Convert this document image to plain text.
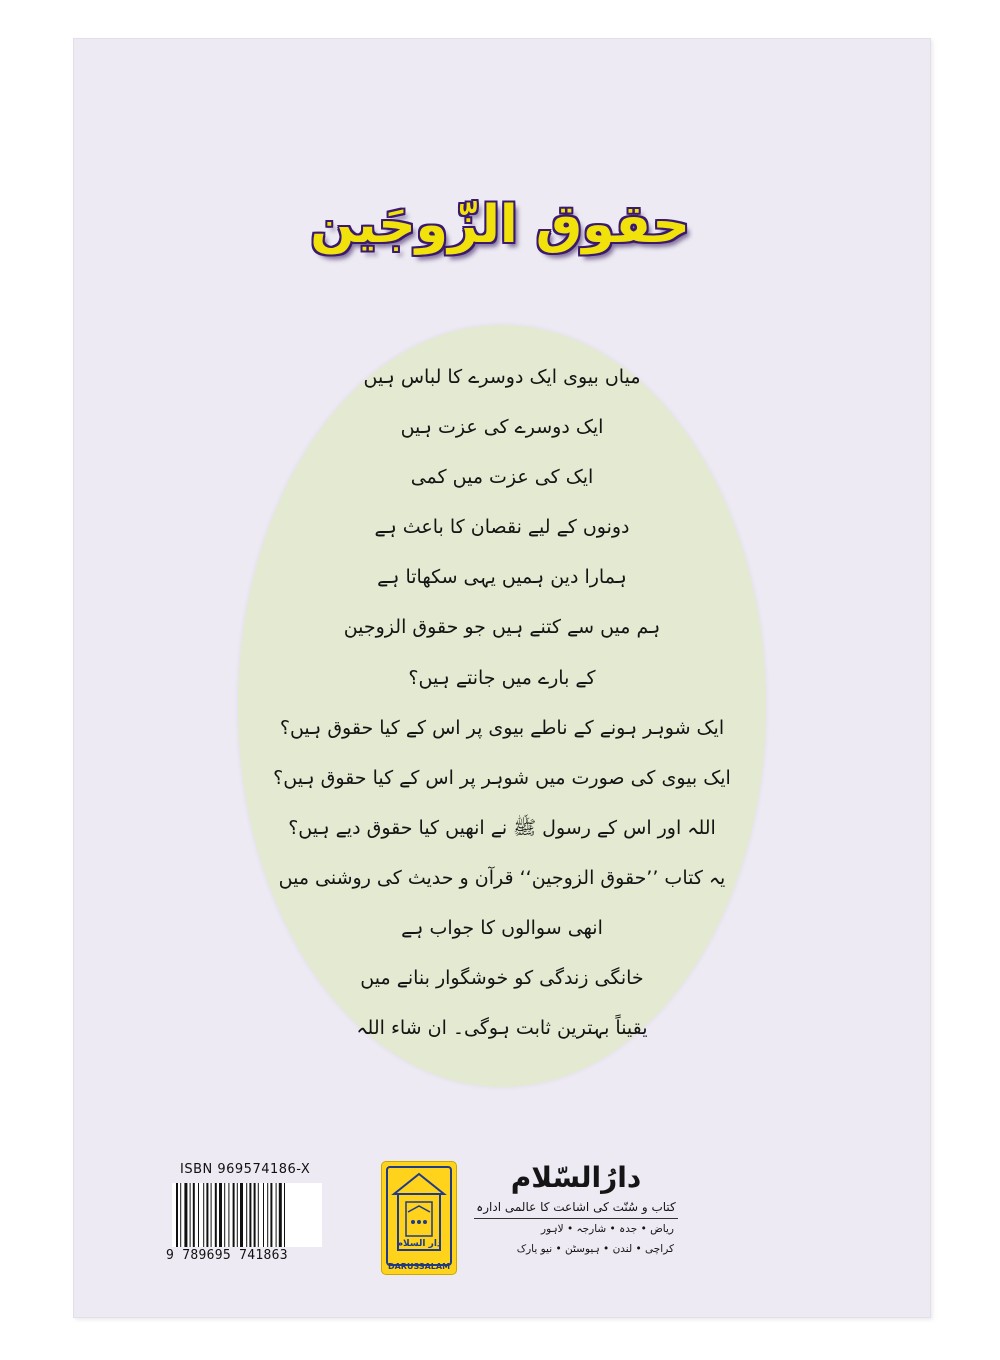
حقوق الزّوجَین
میاں بیوی ایک دوسرے کا لباس ہیں
ایک دوسرے کی عزت ہیں
ایک کی عزت میں کمی
دونوں کے لیے نقصان کا باعث ہے
ہمارا دین ہمیں یہی سکھاتا ہے
ہم میں سے کتنے ہیں جو حقوق الزوجین
کے بارے میں جانتے ہیں؟
ایک شوہر ہونے کے ناطے بیوی پر اس کے کیا حقوق ہیں؟
ایک بیوی کی صورت میں شوہر پر اس کے کیا حقوق ہیں؟
اللہ اور اس کے رسول ﷺ نے انھیں کیا حقوق دیے ہیں؟
یہ کتاب ’’حقوق الزوجین‘‘ قرآن و حدیث کی روشنی میں
انھی سوالوں کا جواب ہے
خانگی زندگی کو خوشگوار بنانے میں
یقیناً بہترین ثابت ہوگی۔ ان شاء اللہ
ISBN 969574186-X
9 789695 741863
دار السلام
DARUSSALAM
دارُالسّلام
کتاب و سُنّت کی اشاعت کا عالمی ادارہ
ریاض • جدہ • شارجہ • لاہور
کراچی • لندن • ہیوسٹن • نیو یارک
